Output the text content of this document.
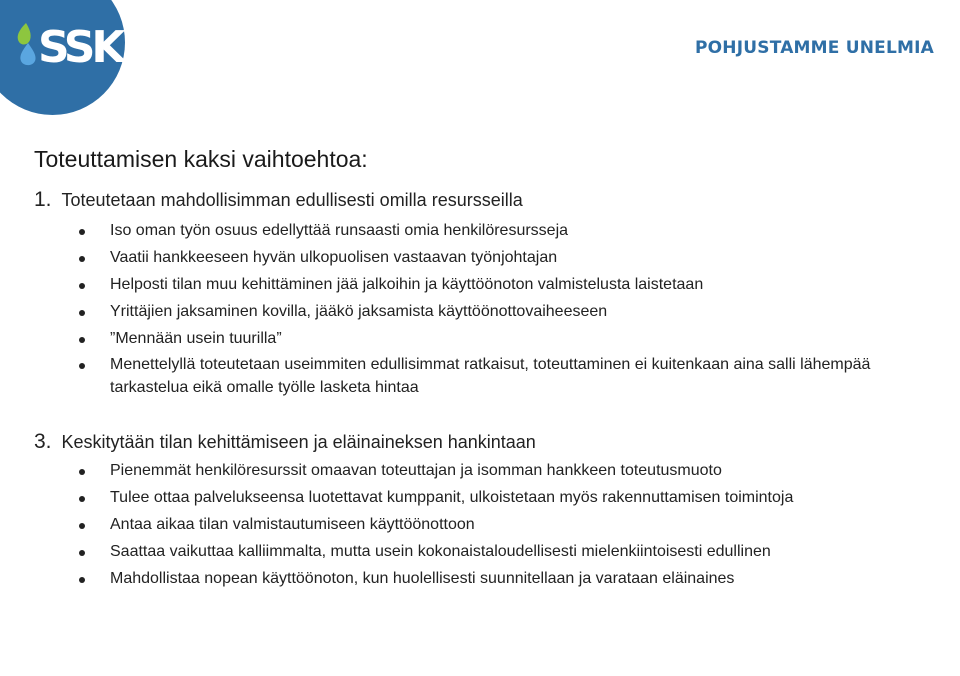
SSK	POHJUSTAMME UNELMIA
Toteuttamisen kaksi vaihtoehtoa:
1. Toteutetaan mahdollisimman edullisesti omilla resursseilla
Iso oman työn osuus edellyttää runsaasti omia henkilöresursseja
Vaatii hankkeeseen hyvän ulkopuolisen vastaavan työnjohtajan
Helposti tilan muu kehittäminen jää jalkoihin ja käyttöönoton valmistelusta laistetaan
Yrittäjien jaksaminen kovilla, jääkö jaksamista käyttöönottovaiheeseen
”Mennään usein tuurilla”
Menettelyllä toteutetaan useimmiten edullisimmat ratkaisut, toteuttaminen ei kuitenkaan aina salli lähempää tarkastelua eikä omalle työlle lasketa hintaa
3. Keskitytään tilan kehittämiseen ja eläinaineksen hankintaan
Pienemmät henkilöresurssit omaavan toteuttajan ja isomman hankkeen toteutusmuoto
Tulee ottaa palvelukseensa luotettavat kumppanit, ulkoistetaan myös rakennuttamisen toimintoja
Antaa aikaa tilan valmistautumiseen käyttöönottoon
Saattaa vaikuttaa kalliimmalta, mutta usein kokonaistaloudellisesti mielenkiintoisesti edullinen
Mahdollistaa nopean käyttöönoton, kun huolellisesti suunnitellaan ja varataan eläinaines
